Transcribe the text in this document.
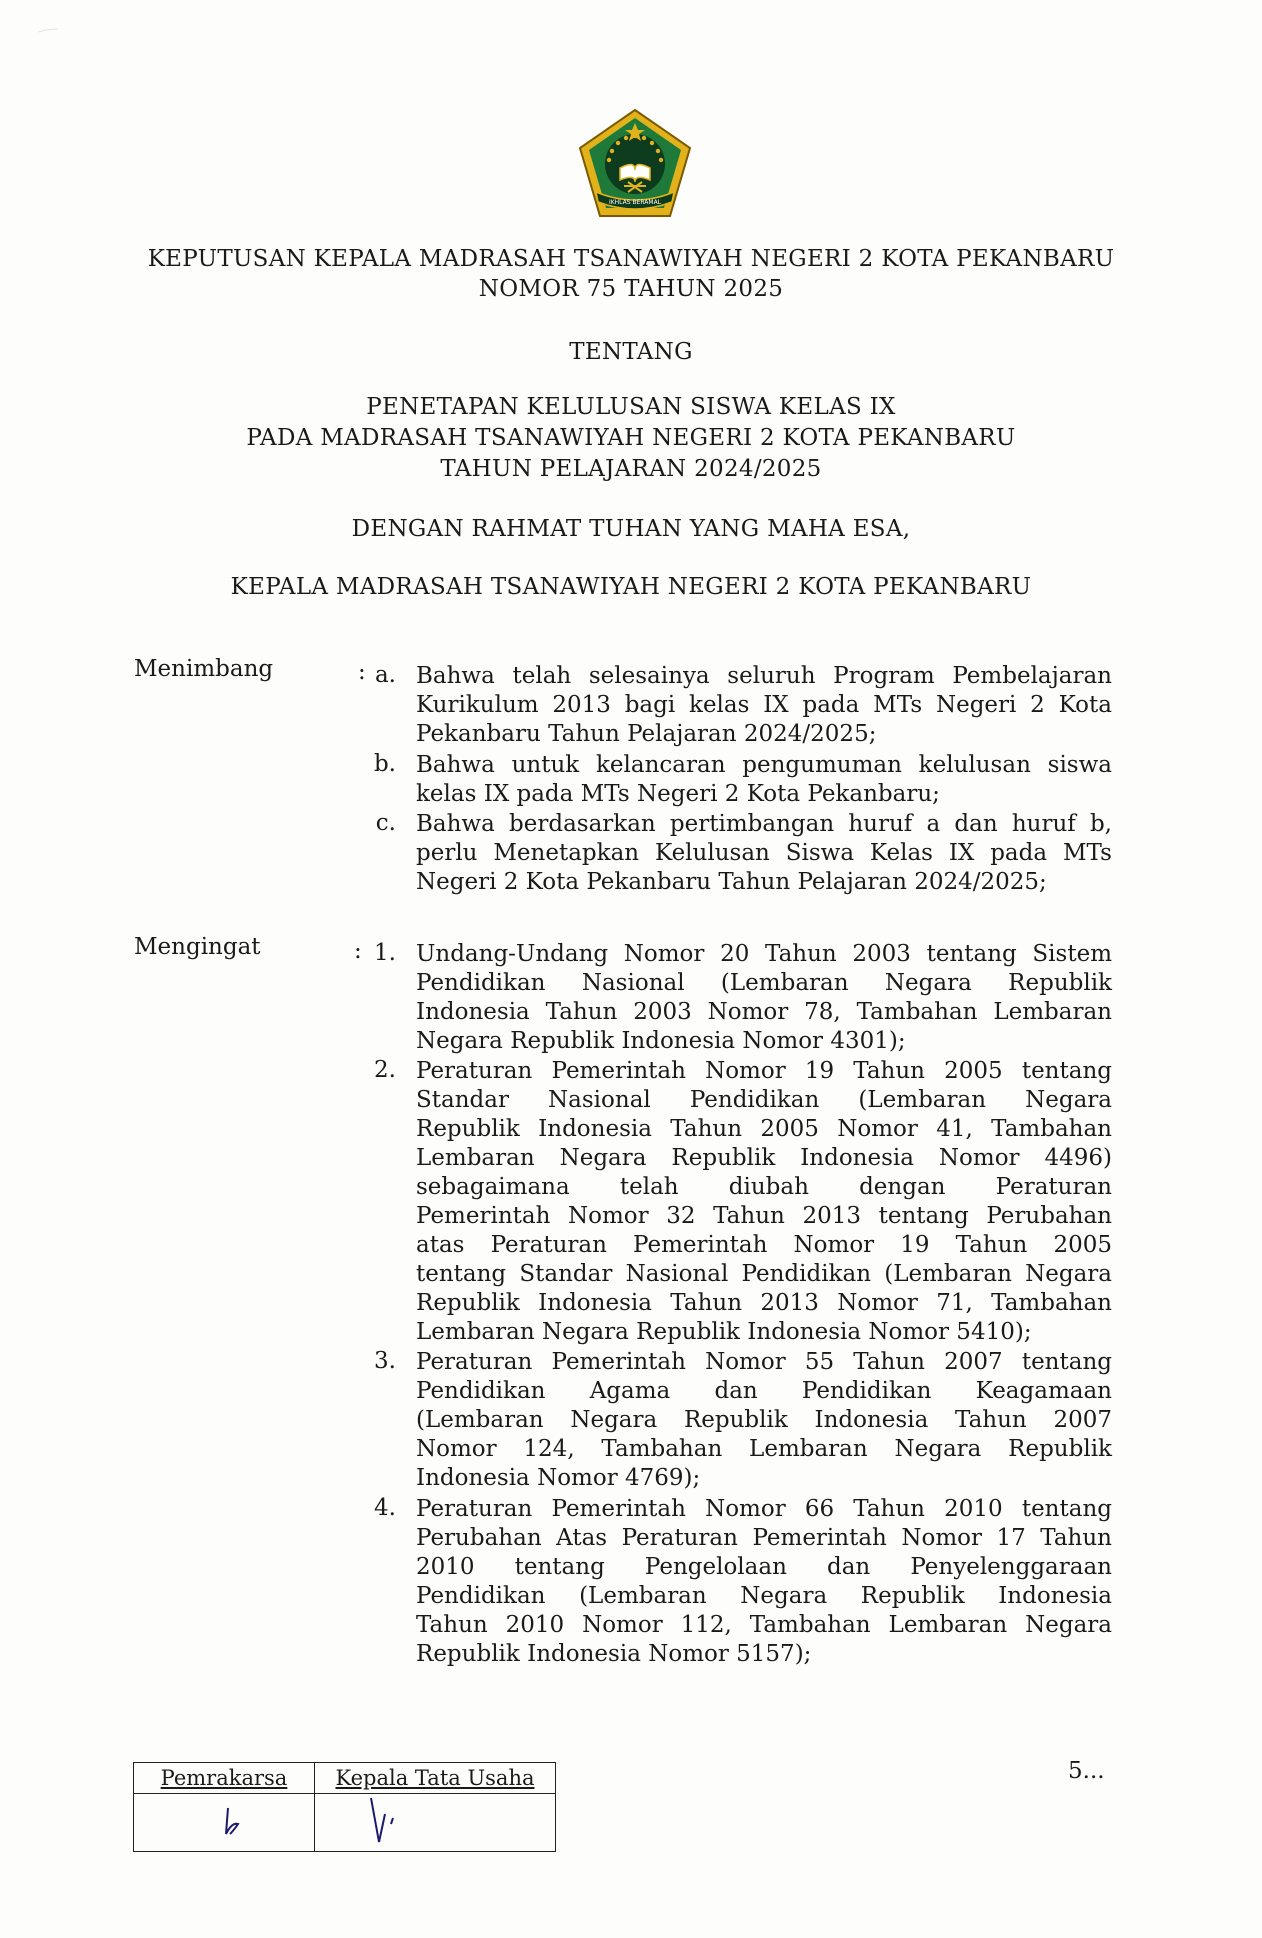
IKHLAS BERAMAL
KEPUTUSAN KEPALA MADRASAH TSANAWIYAH NEGERI 2 KOTA PEKANBARU
NOMOR 75 TAHUN 2025
TENTANG
PENETAPAN KELULUSAN SISWA KELAS IX
PADA MADRASAH TSANAWIYAH NEGERI 2 KOTA PEKANBARU
TAHUN PELAJARAN 2024/2025
DENGAN RAHMAT TUHAN YANG MAHA ESA,
KEPALA MADRASAH TSANAWIYAH NEGERI 2 KOTA PEKANBARU
Menimbang	: a. Bahwa telah selesainya seluruh Program Pembelajaran
Kurikulum 2013 bagi kelas IX pada MTs Negeri 2 Kota
Pekanbaru Tahun Pelajaran 2024/2025;
b. Bahwa untuk kelancaran pengumuman kelulusan siswa
kelas IX pada MTs Negeri 2 Kota Pekanbaru;
c. Bahwa berdasarkan pertimbangan huruf a dan huruf b,
perlu Menetapkan Kelulusan Siswa Kelas IX pada MTs
Negeri 2 Kota Pekanbaru Tahun Pelajaran 2024/2025;
Mengingat	: 1. Undang-Undang Nomor 20 Tahun 2003 tentang Sistem
Pendidikan Nasional (Lembaran Negara Republik
Indonesia Tahun 2003 Nomor 78, Tambahan Lembaran
Negara Republik Indonesia Nomor 4301);
2. Peraturan Pemerintah Nomor 19 Tahun 2005 tentang
Standar Nasional Pendidikan (Lembaran Negara
Republik Indonesia Tahun 2005 Nomor 41, Tambahan
Lembaran Negara Republik Indonesia Nomor 4496)
sebagaimana telah diubah dengan Peraturan
Pemerintah Nomor 32 Tahun 2013 tentang Perubahan
atas Peraturan Pemerintah Nomor 19 Tahun 2005
tentang Standar Nasional Pendidikan (Lembaran Negara
Republik Indonesia Tahun 2013 Nomor 71, Tambahan
Lembaran Negara Republik Indonesia Nomor 5410);
3. Peraturan Pemerintah Nomor 55 Tahun 2007 tentang
Pendidikan Agama dan Pendidikan Keagamaan
(Lembaran Negara Republik Indonesia Tahun 2007
Nomor 124, Tambahan Lembaran Negara Republik
Indonesia Nomor 4769);
4. Peraturan Pemerintah Nomor 66 Tahun 2010 tentang
Perubahan Atas Peraturan Pemerintah Nomor 17 Tahun
2010 tentang Pengelolaan dan Penyelenggaraan
Pendidikan (Lembaran Negara Republik Indonesia
Tahun 2010 Nomor 112, Tambahan Lembaran Negara
Republik Indonesia Nomor 5157);
Pemrakarsa	Kepala Tata Usaha
		5...
